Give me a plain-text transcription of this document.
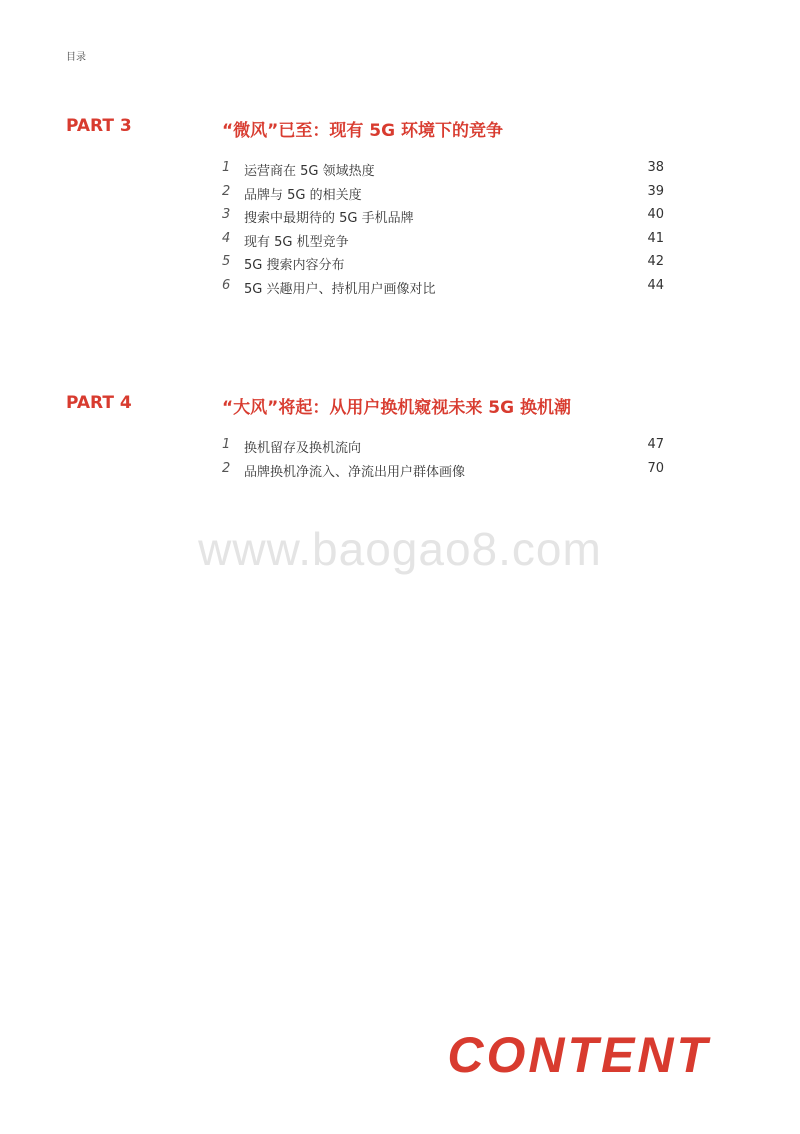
目录
PART 3	“微风”已至：现有 5G 环境下的竞争
1 运营商在 5G 领域热度	38
2 品牌与 5G 的相关度	39
3 搜索中最期待的 5G 手机品牌	40
4 现有 5G 机型竞争	41
5 5G 搜索内容分布	42
6 5G 兴趣用户、持机用户画像对比	44
PART 4	“大风”将起：从用户换机窥视未来 5G 换机潮
1 换机留存及换机流向	47
2 品牌换机净流入、净流出用户群体画像	70
www.baogao8.com
CONTENT
